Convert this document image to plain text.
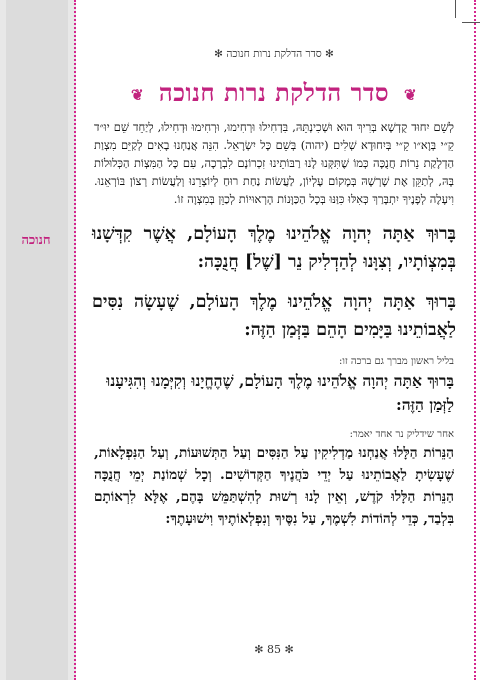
חנוכה
✻ סדר הדלקת נרות חנוכה ✻
❦ סדר הדלקת נרות חנוכה ❦
לְשֵׁם יִחוּד קֻדְשָׁא בְּרִיךְ הוּא וּשְׁכִינְתֵּהּ, בִּדְחִילוּ וּרְחִימוּ, וּרְחִימוּ וּדְחִילוּ, לְיַחֵד שֵׁם יוּ״ד קֵ״י בְּוָא״ו קֵ״י בְּיִחוּדָא שְׁלִים (יהוה) בְּשֵׁם כָּל יִשְׂרָאֵל. הִנֵּה אֲנַחְנוּ בָאִים לְקַיֵּם מִצְוַת הַדְלָקַת נֵרוֹת חֲנֻכָּה כְּמוֹ שֶׁתִּקְּנוּ לָנוּ רַבּוֹתֵינוּ זִכְרוֹנָם לִבְרָכָה, עִם כָּל הַמִּצְוֹת הַכְּלוּלוֹת בָּהּ, לְתַקֵּן אֶת שָׁרְשָׁהּ בְּמָקוֹם עֶלְיוֹן, לַעֲשׂוֹת נַחַת רוּחַ לְיוֹצְרֵנוּ וְלַעֲשׂוֹת רְצוֹן בּוֹרְאֵנוּ. וִיעָלֶה לְפָנֶיךָ יִתְבָּרַךְ כְּאִלּוּ כִּוַּנּוּ בְּכָל הַכַּוָּנוֹת הָרְאוּיוֹת לְכַוֵּן בְּמִצְוָה זוֹ.
בָּרוּךְ אַתָּה יְהוָה אֱלֹהֵינוּ מֶלֶךְ הָעוֹלָם, אֲשֶׁר קִדְּשָׁנוּ בְּמִצְוֹתָיו, וְצִוָּנוּ לְהַדְלִיק נֵר [שֶׁל] חֲנֻכָּה:
בָּרוּךְ אַתָּה יְהוָה אֱלֹהֵינוּ מֶלֶךְ הָעוֹלָם, שֶׁעָשָׂה נִסִּים לַאֲבוֹתֵינוּ בַּיָּמִים הָהֵם בַּזְּמַן הַזֶּה:
בליל ראשון מברך גם ברכה זו:
בָּרוּךְ אַתָּה יְהוָה אֱלֹהֵינוּ מֶלֶךְ הָעוֹלָם, שֶׁהֶחֱיָנוּ וְקִיְּמָנוּ וְהִגִּיעָנוּ לַזְּמַן הַזֶּה:
אחר שידליק נר אחד יאמר:
הַנֵּרוֹת הַלָּלוּ אֲנַחְנוּ מַדְלִיקִין עַל הַנִּסִּים וְעַל הַתְּשׁוּעוֹת, וְעַל הַנִּפְלָאוֹת, שֶׁעָשִׂיתָ לַאֲבוֹתֵינוּ עַל יְדֵי כֹּהֲנֶיךָ הַקְּדוֹשִׁים. וְכָל שְׁמוֹנַת יְמֵי חֲנֻכָּה הַנֵּרוֹת הַלָּלוּ קֹדֶשׁ, וְאֵין לָנוּ רְשׁוּת לְהִשְׁתַּמֵּשׁ בָּהֶם, אֶלָּא לִרְאוֹתָם בִּלְבַד, כְּדֵי לְהוֹדוֹת לִשְׁמֶךָ, עַל נִסֶּיךָ וְנִפְלְאוֹתֶיךָ וִישׁוּעָתֶךָ:
✻ 85 ✻
